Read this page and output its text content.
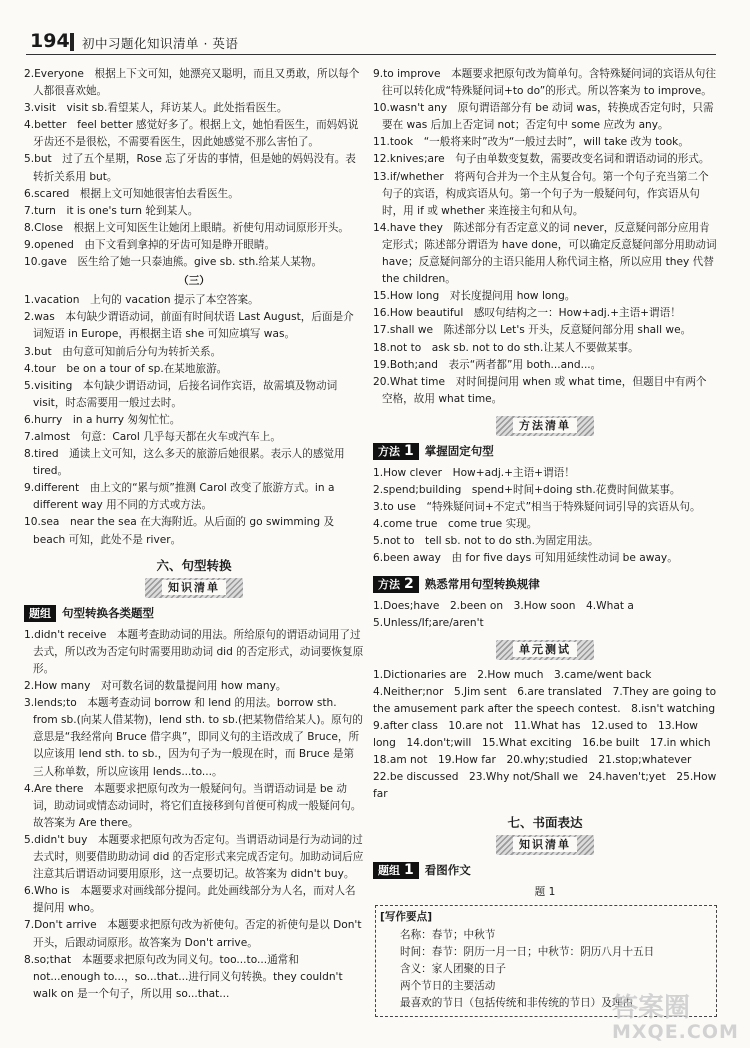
194 初中习题化知识清单 · 英语

2.Everyone　根据上下文可知，她漂亮又聪明，而且又勇敢，所以每个人都很喜欢她。

3.visit　visit sb.看望某人，拜访某人。此处指看医生。

4.better　feel better 感觉好多了。根据上文，她怕看医生，而妈妈说牙齿还不是很松，不需要看医生，因此她感觉不那么害怕了。

5.but　过了五个星期，Rose 忘了牙齿的事情，但是她的妈妈没有。表转折关系用 but。

6.scared　根据上文可知她很害怕去看医生。

7.turn　it is one's turn 轮到某人。

8.Close　根据上文可知医生让她闭上眼睛。祈使句用动词原形开头。

9.opened　由下文看到拿掉的牙齿可知是睁开眼睛。

10.gave　医生给了她一只泰迪熊。give sb. sth.给某人某物。

（三）

1.vacation　上句的 vacation 提示了本空答案。

2.was　本句缺少谓语动词，前面有时间状语 Last August，后面是介词短语 in Europe，再根据主语 she 可知应填写 was。

3.but　由句意可知前后分句为转折关系。

4.tour　be on a tour of sp.在某地旅游。

5.visiting　本句缺少谓语动词，后接名词作宾语，故需填及物动词 visit，时态需要用一般过去时。

6.hurry　in a hurry 匆匆忙忙。

7.almost　句意：Carol 几乎每天都在火车或汽车上。

8.tired　通读上文可知，这么多天的旅游后她很累。表示人的感觉用 tired。

9.different　由上文的“累与烦”推测 Carol 改变了旅游方式。in a different way 用不同的方式或方法。

10.sea　near the sea 在大海附近。从后面的 go swimming 及 beach 可知，此处不是 river。

六、句型转换
知识清单
题组 句型转换各类题型

1.didn't receive　本题考查助动词的用法。所给原句的谓语动词用了过去式，所以改为否定句时需要用助动词 did 的否定形式，动词要恢复原形。

2.How many　对可数名词的数量提问用 how many。

3.lends;to　本题考查动词 borrow 和 lend 的用法。borrow sth. from sb.(向某人借某物)，lend sth. to sb.(把某物借给某人)。原句的意思是“我经常向 Bruce 借字典”，即同义句的主语改成了 Bruce，所以应该用 lend sth. to sb.，因为句子为一般现在时，而 Bruce 是第三人称单数，所以应该用 lends...to...。

4.Are there　本题要求把原句改为一般疑问句。当谓语动词是 be 动词，助动词或情态动词时，将它们直接移到句首便可构成一般疑问句。故答案为 Are there。

5.didn't buy　本题要求把原句改为否定句。当谓语动词是行为动词的过去式时，则要借助助动词 did 的否定形式来完成否定句。加助动词后应注意其后谓语动词要用原形，这一点要切记。故答案为 didn't buy。

6.Who is　本题要求对画线部分提问。此处画线部分为人名，而对人名提问用 who。

7.Don't arrive　本题要求把原句改为祈使句。否定的祈使句是以 Don't 开头，后跟动词原形。故答案为 Don't arrive。

8.so;that　本题要求把原句改为同义句。too...to...通常和 not...enough to...，so...that...进行同义句转换。they couldn't walk on 是一个句子，所以用 so...that...

9.to improve　本题要求把原句改为简单句。含特殊疑问词的宾语从句往往可以转化成“特殊疑问词+to do”的形式。所以答案为 to improve。

10.wasn't any　原句谓语部分有 be 动词 was，转换成否定句时，只需要在 was 后加上否定词 not；否定句中 some 应改为 any。

11.took　“一般将来时”改为“一般过去时”，will take 改为 took。

12.knives;are　句子由单数变复数，需要改变名词和谓语动词的形式。

13.if/whether　将两句合并为一个主从复合句。第一个句子充当第二个句子的宾语，构成宾语从句。第一个句子为一般疑问句，作宾语从句时，用 if 或 whether 来连接主句和从句。

14.have they　陈述部分有否定意义的词 never，反意疑问部分应用肯定形式；陈述部分谓语为 have done，可以确定反意疑问部分用助动词 have；反意疑问部分的主语只能用人称代词主格，所以应用 they 代替 the children。

15.How long　对长度提问用 how long。

16.How beautiful　感叹句结构之一：How+adj.+主语+谓语！

17.shall we　陈述部分以 Let's 开头，反意疑问部分用 shall we。

18.not to　ask sb. not to do sth.让某人不要做某事。

19.Both;and　表示“两者都”用 both...and...。

20.What time　对时间提问用 when 或 what time，但题目中有两个空格，故用 what time。

方法清单
方法 1 掌握固定句型

1.How clever　How+adj.+主语+谓语！

2.spend;building　spend+时间+doing sth.花费时间做某事。

3.to use　“特殊疑问词+不定式”相当于特殊疑问词引导的宾语从句。

4.come true　come true 实现。

5.not to　tell sb. not to do sth.为固定用法。

6.been away　由 for five days 可知用延续性动词 be away。

方法 2 熟悉常用句型转换规律

1.Does;have　2.been on　3.How soon　4.What a　5.Unless/If;are/aren't

单元测试

1.Dictionaries are　2.How much　3.came/went back　4.Neither;nor　5.Jim sent　6.are translated　7.They are going to the amusement park after the speech contest.　8.isn't watching　9.after class　10.are not　11.What has　12.used to　13.How long　14.don't;will　15.What exciting　16.be built　17.in which　18.am not　19.How far　20.why;studied　21.stop;whatever　22.be discussed　23.Why not/Shall we　24.haven't;yet　25.How far

七、书面表达
知识清单
题组 1 看图作文
题 1
[写作要点]
名称：春节；中秋节
时间：春节：阴历一月一日；中秋节：阴历八月十五日
含义：家人团聚的日子
两个节日的主要活动
最喜欢的节日（包括传统和非传统的节日）及理由
答案圈
MXQE.COM
